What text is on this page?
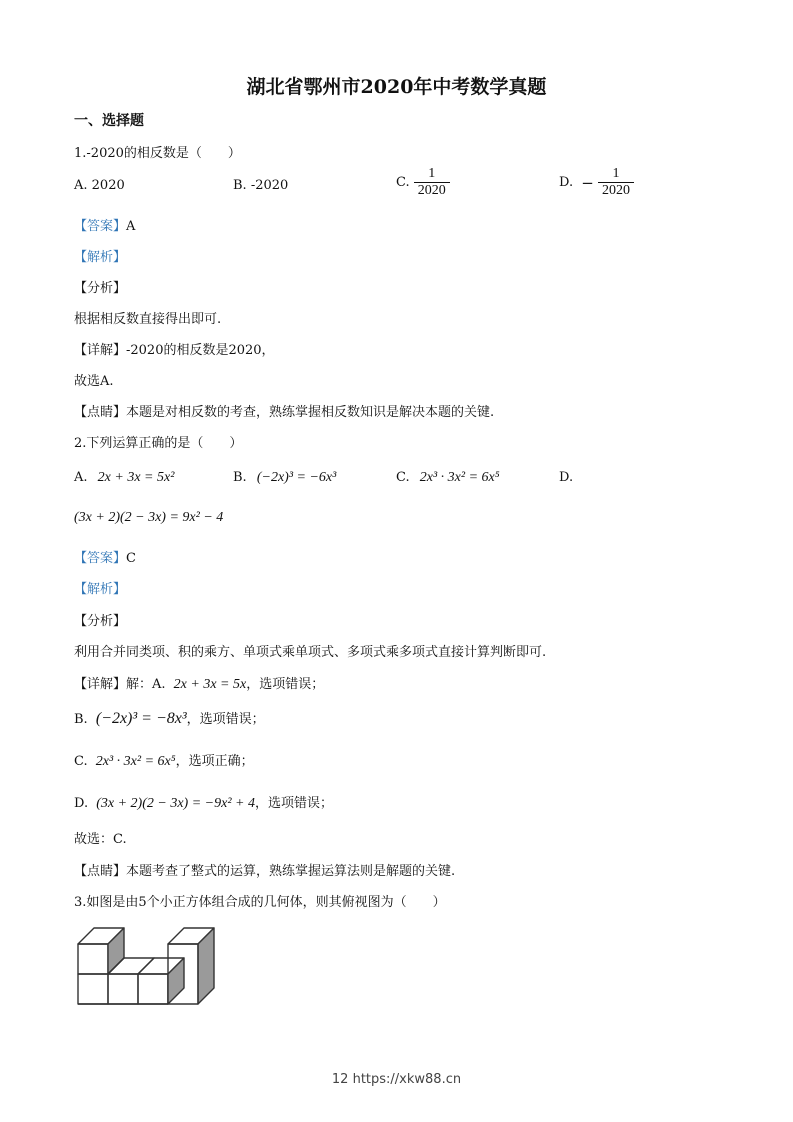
湖北省鄂州市2020年中考数学真题
一、选择题
1.-2020的相反数是（　　）
A. 2020	B. -2020	C. $\frac{1}{2020}$	D. − $\frac{1}{2020}$
【答案】A
【解析】
【分析】
根据相反数直接得出即可.
【详解】-2020的相反数是2020，
故选A.
【点睛】本题是对相反数的考查，熟练掌握相反数知识是解决本题的关键.
2.下列运算正确的是（　　）
A. 2x + 3x = 5x²	B. (−2x)³ = −6x³	C. 2x³ · 3x² = 6x⁵	D.
(3x + 2)(2 − 3x) = 9x² − 4
【答案】C
【解析】
【分析】
利用合并同类项、积的乘方、单项式乘单项式、多项式乘多项式直接计算判断即可.
【详解】解：A. 2x + 3x = 5x，选项错误；
B. (−2x)³ = −8x³，选项错误；
C. 2x³ · 3x² = 6x⁵，选项正确；
D. (3x + 2)(2 − 3x) = −9x² + 4，选项错误；
故选：C.
【点睛】本题考查了整式的运算，熟练掌握运算法则是解题的关键.
3.如图是由5个小正方体组合成的几何体，则其俯视图为（　　）
12 https://xkw88.cn
